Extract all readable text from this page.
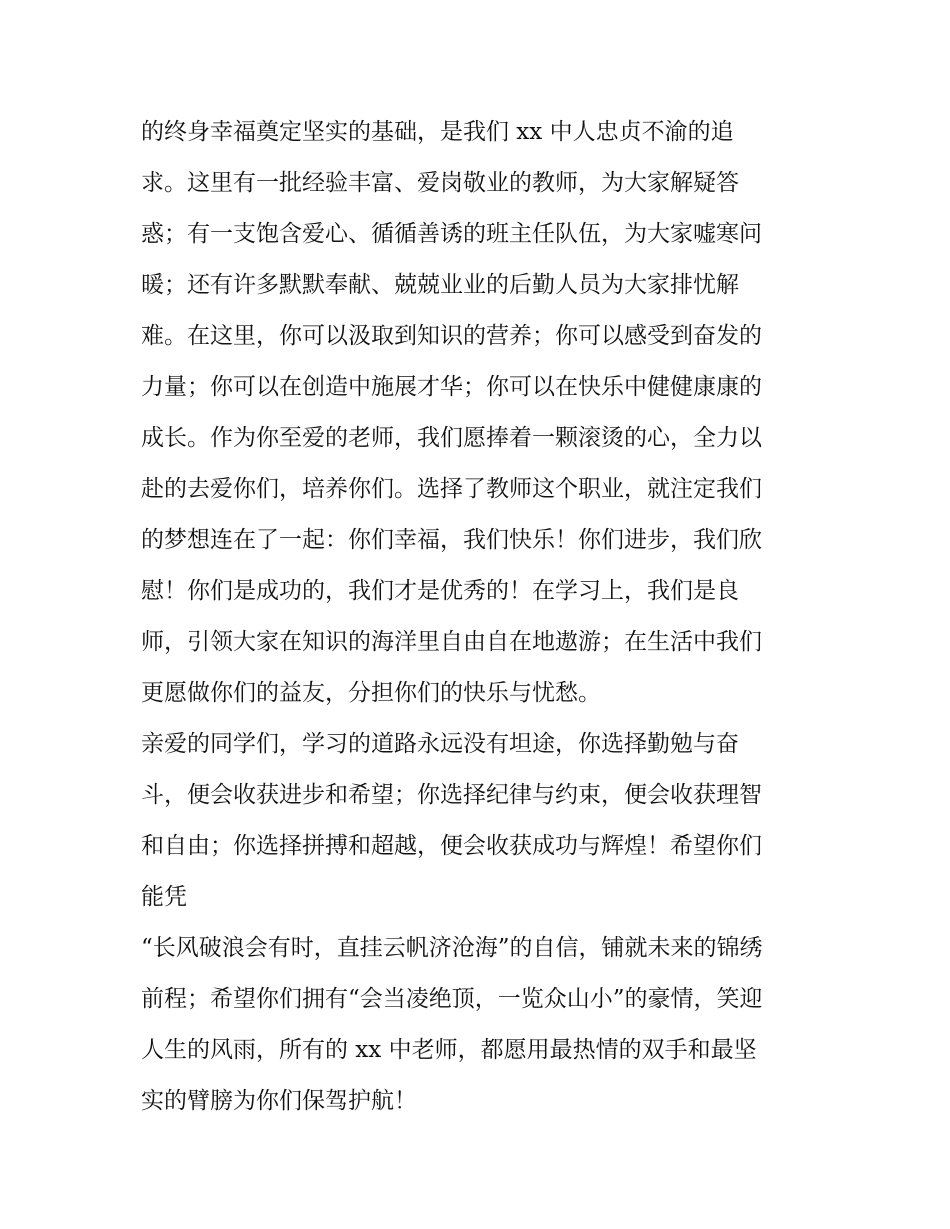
的终身幸福奠定坚实的基础，是我们 xx 中人忠贞不渝的追
求。这里有一批经验丰富、爱岗敬业的教师，为大家解疑答
惑；有一支饱含爱心、循循善诱的班主任队伍，为大家嘘寒问
暖；还有许多默默奉献、兢兢业业的后勤人员为大家排忧解
难。在这里，你可以汲取到知识的营养；你可以感受到奋发的
力量；你可以在创造中施展才华；你可以在快乐中健健康康的
成长。作为你至爱的老师，我们愿捧着一颗滚烫的心，全力以
赴的去爱你们，培养你们。选择了教师这个职业，就注定我们
的梦想连在了一起：你们幸福，我们快乐！你们进步，我们欣
慰！你们是成功的，我们才是优秀的！在学习上，我们是良
师，引领大家在知识的海洋里自由自在地遨游；在生活中我们
更愿做你们的益友，分担你们的快乐与忧愁。
亲爱的同学们，学习的道路永远没有坦途，你选择勤勉与奋
斗，便会收获进步和希望；你选择纪律与约束，便会收获理智
和自由；你选择拼搏和超越，便会收获成功与辉煌！希望你们
能凭
“长风破浪会有时，直挂云帆济沧海”的自信，铺就未来的锦绣
前程；希望你们拥有“会当凌绝顶，一览众山小”的豪情，笑迎
人生的风雨，所有的 xx 中老师，都愿用最热情的双手和最坚
实的臂膀为你们保驾护航！
